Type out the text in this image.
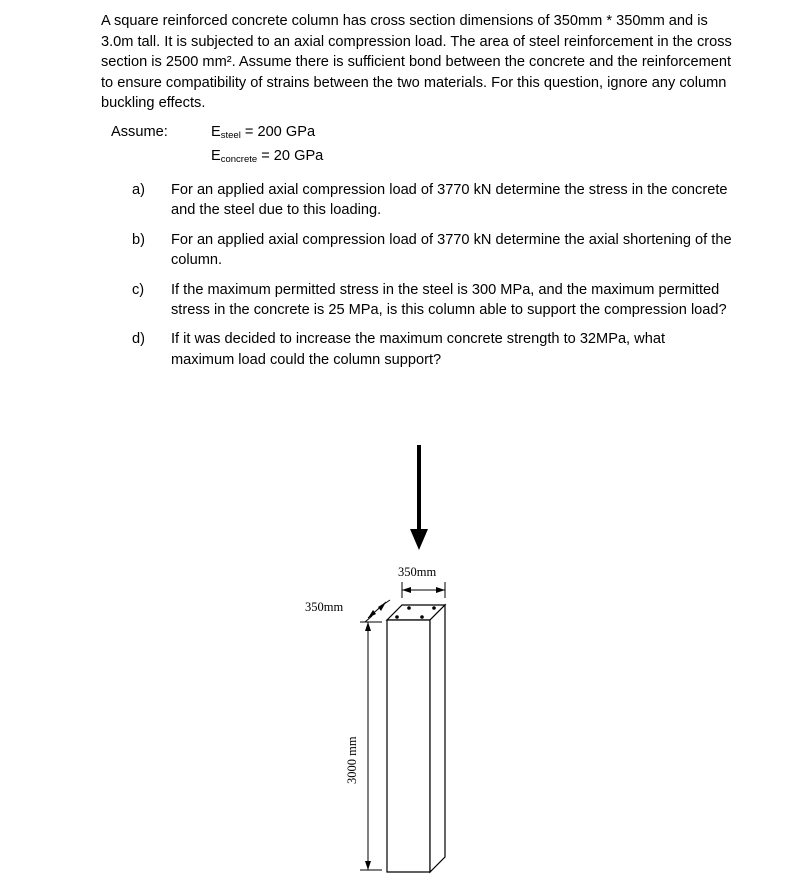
A square reinforced concrete column has cross section dimensions of 350mm * 350mm and is 3.0m tall. It is subjected to an axial compression load. The area of steel reinforcement in the cross section is 2500 mm². Assume there is sufficient bond between the concrete and the reinforcement to ensure compatibility of strains between the two materials. For this question, ignore any column buckling effects.

Assume:	$E_{steel} = 200$ GPa
$E_{concrete} = 20$ GPa
a)	For an applied axial compression load of 3770 kN determine the stress in the concrete and the steel due to this loading.
b)	For an applied axial compression load of 3770 kN determine the axial shortening of the column.
c)	If the maximum permitted stress in the steel is 300 MPa, and the maximum permitted stress in the concrete is 25 MPa, is this column able to support the compression load?
d)	If it was decided to increase the maximum concrete strength to 32MPa, what maximum load could the column support?
350mm
350mm
3000 mm
